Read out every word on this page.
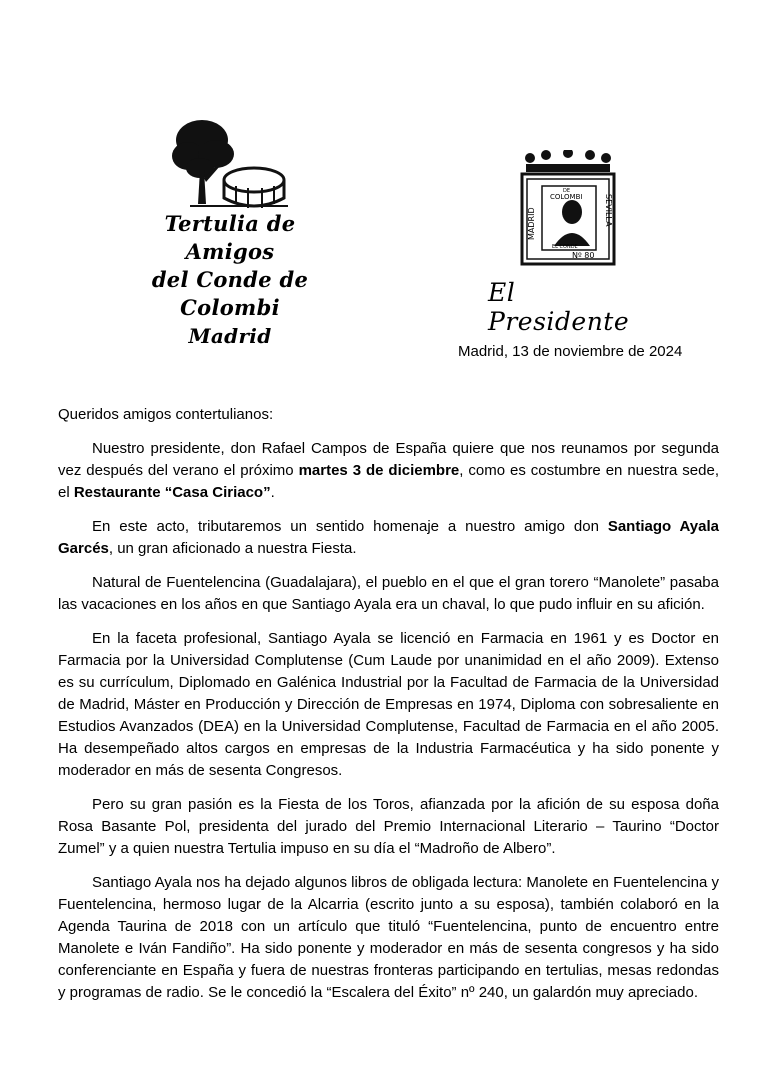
Tertulia de Amigos
del Conde de Colombi
Madrid
MADRID	SEVILLA
DE
COLOMBI
EL CONDE
Nº 80
El Presidente
Madrid, 13 de noviembre de 2024

Queridos amigos contertulianos:

Nuestro presidente, don Rafael Campos de España quiere que nos reunamos por segunda vez después del verano el próximo martes 3 de diciembre, como es costumbre en nuestra sede, el Restaurante “Casa Ciriaco”.

En este acto, tributaremos un sentido homenaje a nuestro amigo don Santiago Ayala Garcés, un gran aficionado a nuestra Fiesta.

Natural de Fuentelencina (Guadalajara), el pueblo en el que el gran torero “Manolete” pasaba las vacaciones en los años en que Santiago Ayala era un chaval, lo que pudo influir en su afición.

En la faceta profesional, Santiago Ayala se licenció en Farmacia en 1961 y es Doctor en Farmacia por la Universidad Complutense (Cum Laude por unanimidad en el año 2009). Extenso es su currículum, Diplomado en Galénica Industrial por la Facultad de Farmacia de la Universidad de Madrid, Máster en Producción y Dirección de Empresas en 1974, Diploma con sobresaliente en Estudios Avanzados (DEA) en la Universidad Complutense, Facultad de Farmacia en el año 2005. Ha desempeñado altos cargos en empresas de la Industria Farmacéutica y ha sido ponente y moderador en más de sesenta Congresos.

Pero su gran pasión es la Fiesta de los Toros, afianzada por la afición de su esposa doña Rosa Basante Pol, presidenta del jurado del Premio Internacional Literario – Taurino “Doctor Zumel” y a quien nuestra Tertulia impuso en su día el “Madroño de Albero”.

Santiago Ayala nos ha dejado algunos libros de obligada lectura: Manolete en Fuentelencina y Fuentelencina, hermoso lugar de la Alcarria (escrito junto a su esposa), también colaboró en la Agenda Taurina de 2018 con un artículo que tituló “Fuentelencina, punto de encuentro entre Manolete e Iván Fandiño”. Ha sido ponente y moderador en más de sesenta congresos y ha sido conferenciante en España y fuera de nuestras fronteras participando en tertulias, mesas redondas y programas de radio. Se le concedió la “Escalera del Éxito” nº 240, un galardón muy apreciado.
